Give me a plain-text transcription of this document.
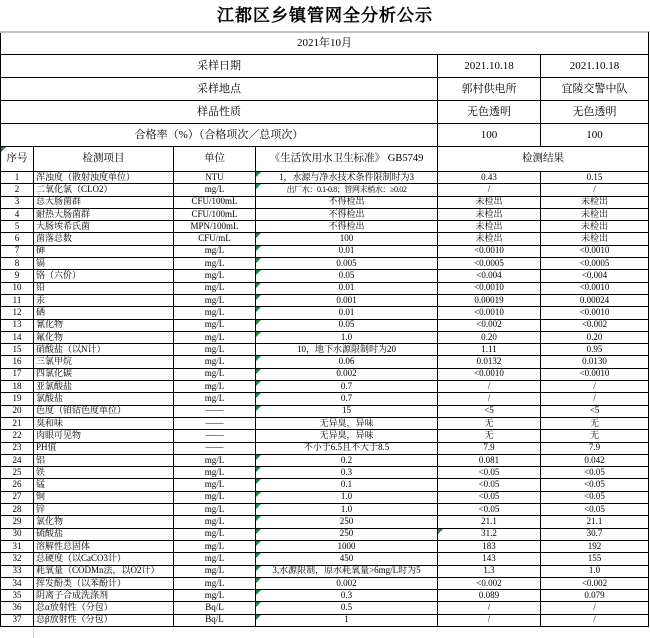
江都区乡镇管网全分析公示
2021年10月					
采样日期				2021.10.18	2021.10.18
采样地点				郭村供电所	宜陵交警中队
样品性质				无色透明	无色透明
合格率（%）（合格项次／总项次）				100	100

序号	检测项目	单位	《生活饮用水卫生标准》 GB5749	检测结果	
1	浑浊度（散射浊度单位）	NTU	1，水源与净水技术条件限制时为3	0.43	0.15
2	二氧化氯（CLO2）	mg/L	出厂水：0.1-0.8；管网末梢水：≥0.02	/	/
3	总大肠菌群	CFU/100mL	不得检出	未检出	未检出
4	耐热大肠菌群	CFU/100mL	不得检出	未检出	未检出
5	大肠埃希氏菌	MPN/100mL	不得检出	未检出	未检出
6	菌落总数	CFU/mL	100	未检出	未检出
7	砷	mg/L	0.01	<0.0010	<0.0010
8	镉	mg/L	0.005	<0.0005	<0.0005
9	铬（六价）	mg/L	0.05	<0.004	<0.004
10	铅	mg/L	0.01	<0.0010	<0.0010
11	汞	mg/L	0.001	0.00019	0.00024
12	硒	mg/L	0.01	<0.0010	<0.0010
13	氰化物	mg/L	0.05	<0.002	<0.002
14	氟化物	mg/L	1.0	0.20	0.20
15	硝酸盐（以N计）	mg/L	10，地下水源限制时为20	1.11	0.95
16	三氯甲烷	mg/L	0.06	0.0132	0.0130
17	四氯化碳	mg/L	0.002	<0.0010	<0.0010
18	亚氯酸盐	mg/L	0.7	/	/
19	氯酸盐	mg/L	0.7	/	/
20	色度（铂钴色度单位）	——	15	<5	<5
21	臭和味	——	无异臭，异味	无	无
22	肉眼可见物	——	无异臭，异味	无	无
23	PH值	——	不小于6.5且不大于8.5	7.9	7.9
24	铝	mg/L	0.2	0.081	0.042
25	铁	mg/L	0.3	<0.05	<0.05
26	锰	mg/L	0.1	<0.05	<0.05
27	铜	mg/L	1.0	<0.05	<0.05
28	锌	mg/L	1.0	<0.05	<0.05
29	氯化物	mg/L	250	21.1	21.1
30	硫酸盐	mg/L	250	31.2	30.7
31	溶解性总固体	mg/L	1000	183	192
32	总硬度（以CaCO3计）	mg/L	450	143	155
33	耗氧量（CODMn法，以O2计）	mg/L	3,水源限制，原水耗氧量>6mg/L时为5	1.3	1.0
34	挥发酚类（以苯酚计）	mg/L	0.002	<0.002	<0.002
35	阴离子合成洗涤剂	mg/L	0.3	0.089	0.079
36	总α放射性（分包）	Bq/L	0.5	/	/
37	总β放射性（分包）	Bq/L	1	/	/
